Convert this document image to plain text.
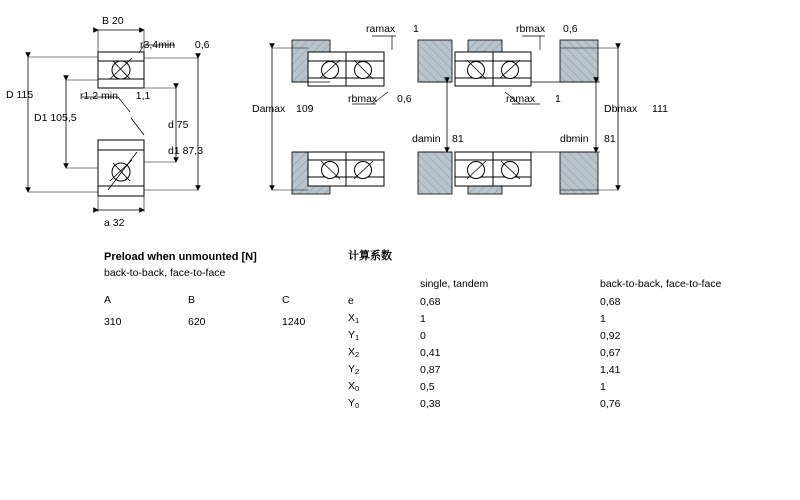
B 20
r3,4min 0,6
r1,2 min 1,1
D 115
D1 105,5
d 75
d1 87,3
a 32
ramax 1	rbmax 0,6
rbmax 0,6	ramax 1
Damax 109
damin 81
Dbmax 111
dbmin 81
Preload when unmounted [N]
back-to-back, face-to-face
A	B	C
310	620	1240
计算系数
	single, tandem	back-to-back, face-to-face
e	0,68	0,68
X1	1	1
Y1	0	0,92
X2	0,41	0,67
Y2	0,87	1,41
X0	0,5	1
Y0	0,38	0,76
